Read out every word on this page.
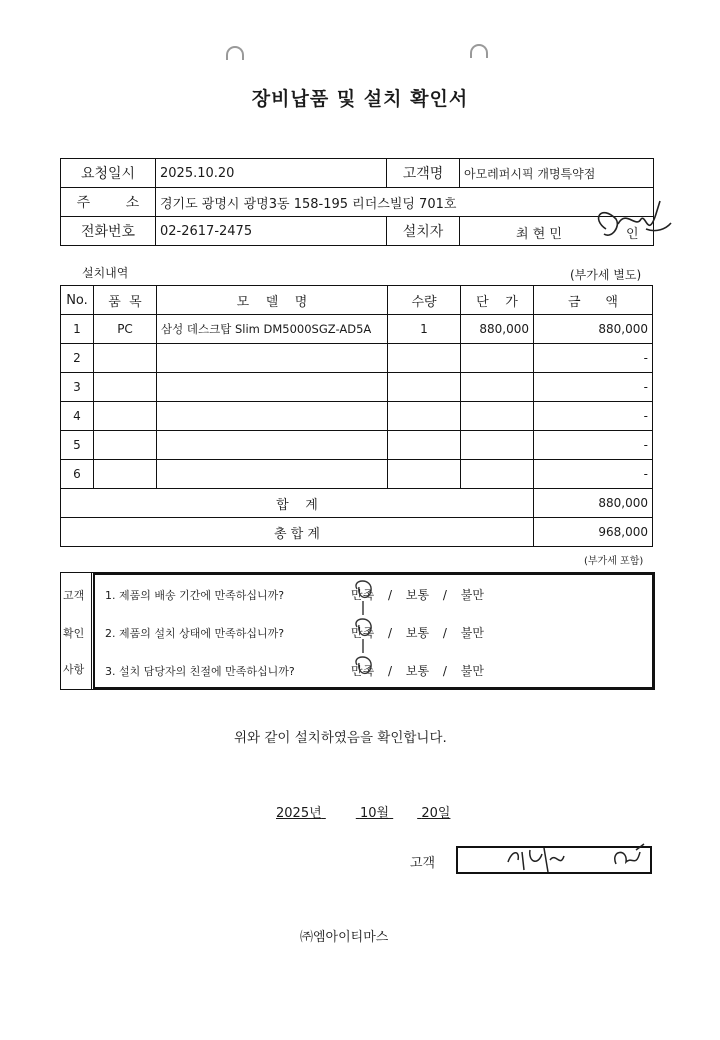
장비납품 및 설치 확인서
요청일시	2025.10.20	고객명	아모레퍼시픽 개명특약점
주        소	경기도 광명시 광명3동 158-195 리더스빌딩 701호		
전화번호	02-2617-2475	설치자	최 현 민 인
설치내역	(부가세 별도)
No.	품  목	모    델    명	수량	단    가	금      액
1	PC	삼성 데스크탑 Slim DM5000SGZ-AD5A	1	880,000	880,000
2					-
3					-
4					-
5					-
6					-
합    계					880,000
총 합 계					968,000
(부가세 포함)
고객
확인
사항
1. 제품의 배송 기간에 만족하십니까?
2. 제품의 설치 상태에 만족하십니까?
3. 설치 담당자의 친절에 만족하십니까?
만족 / 보통 / 불만
만족 / 보통 / 불만
만족 / 보통 / 불만
위와 같이 설치하였음을 확인합니다.
2025년	10월 20일
고객
㈜엠아이티마스
